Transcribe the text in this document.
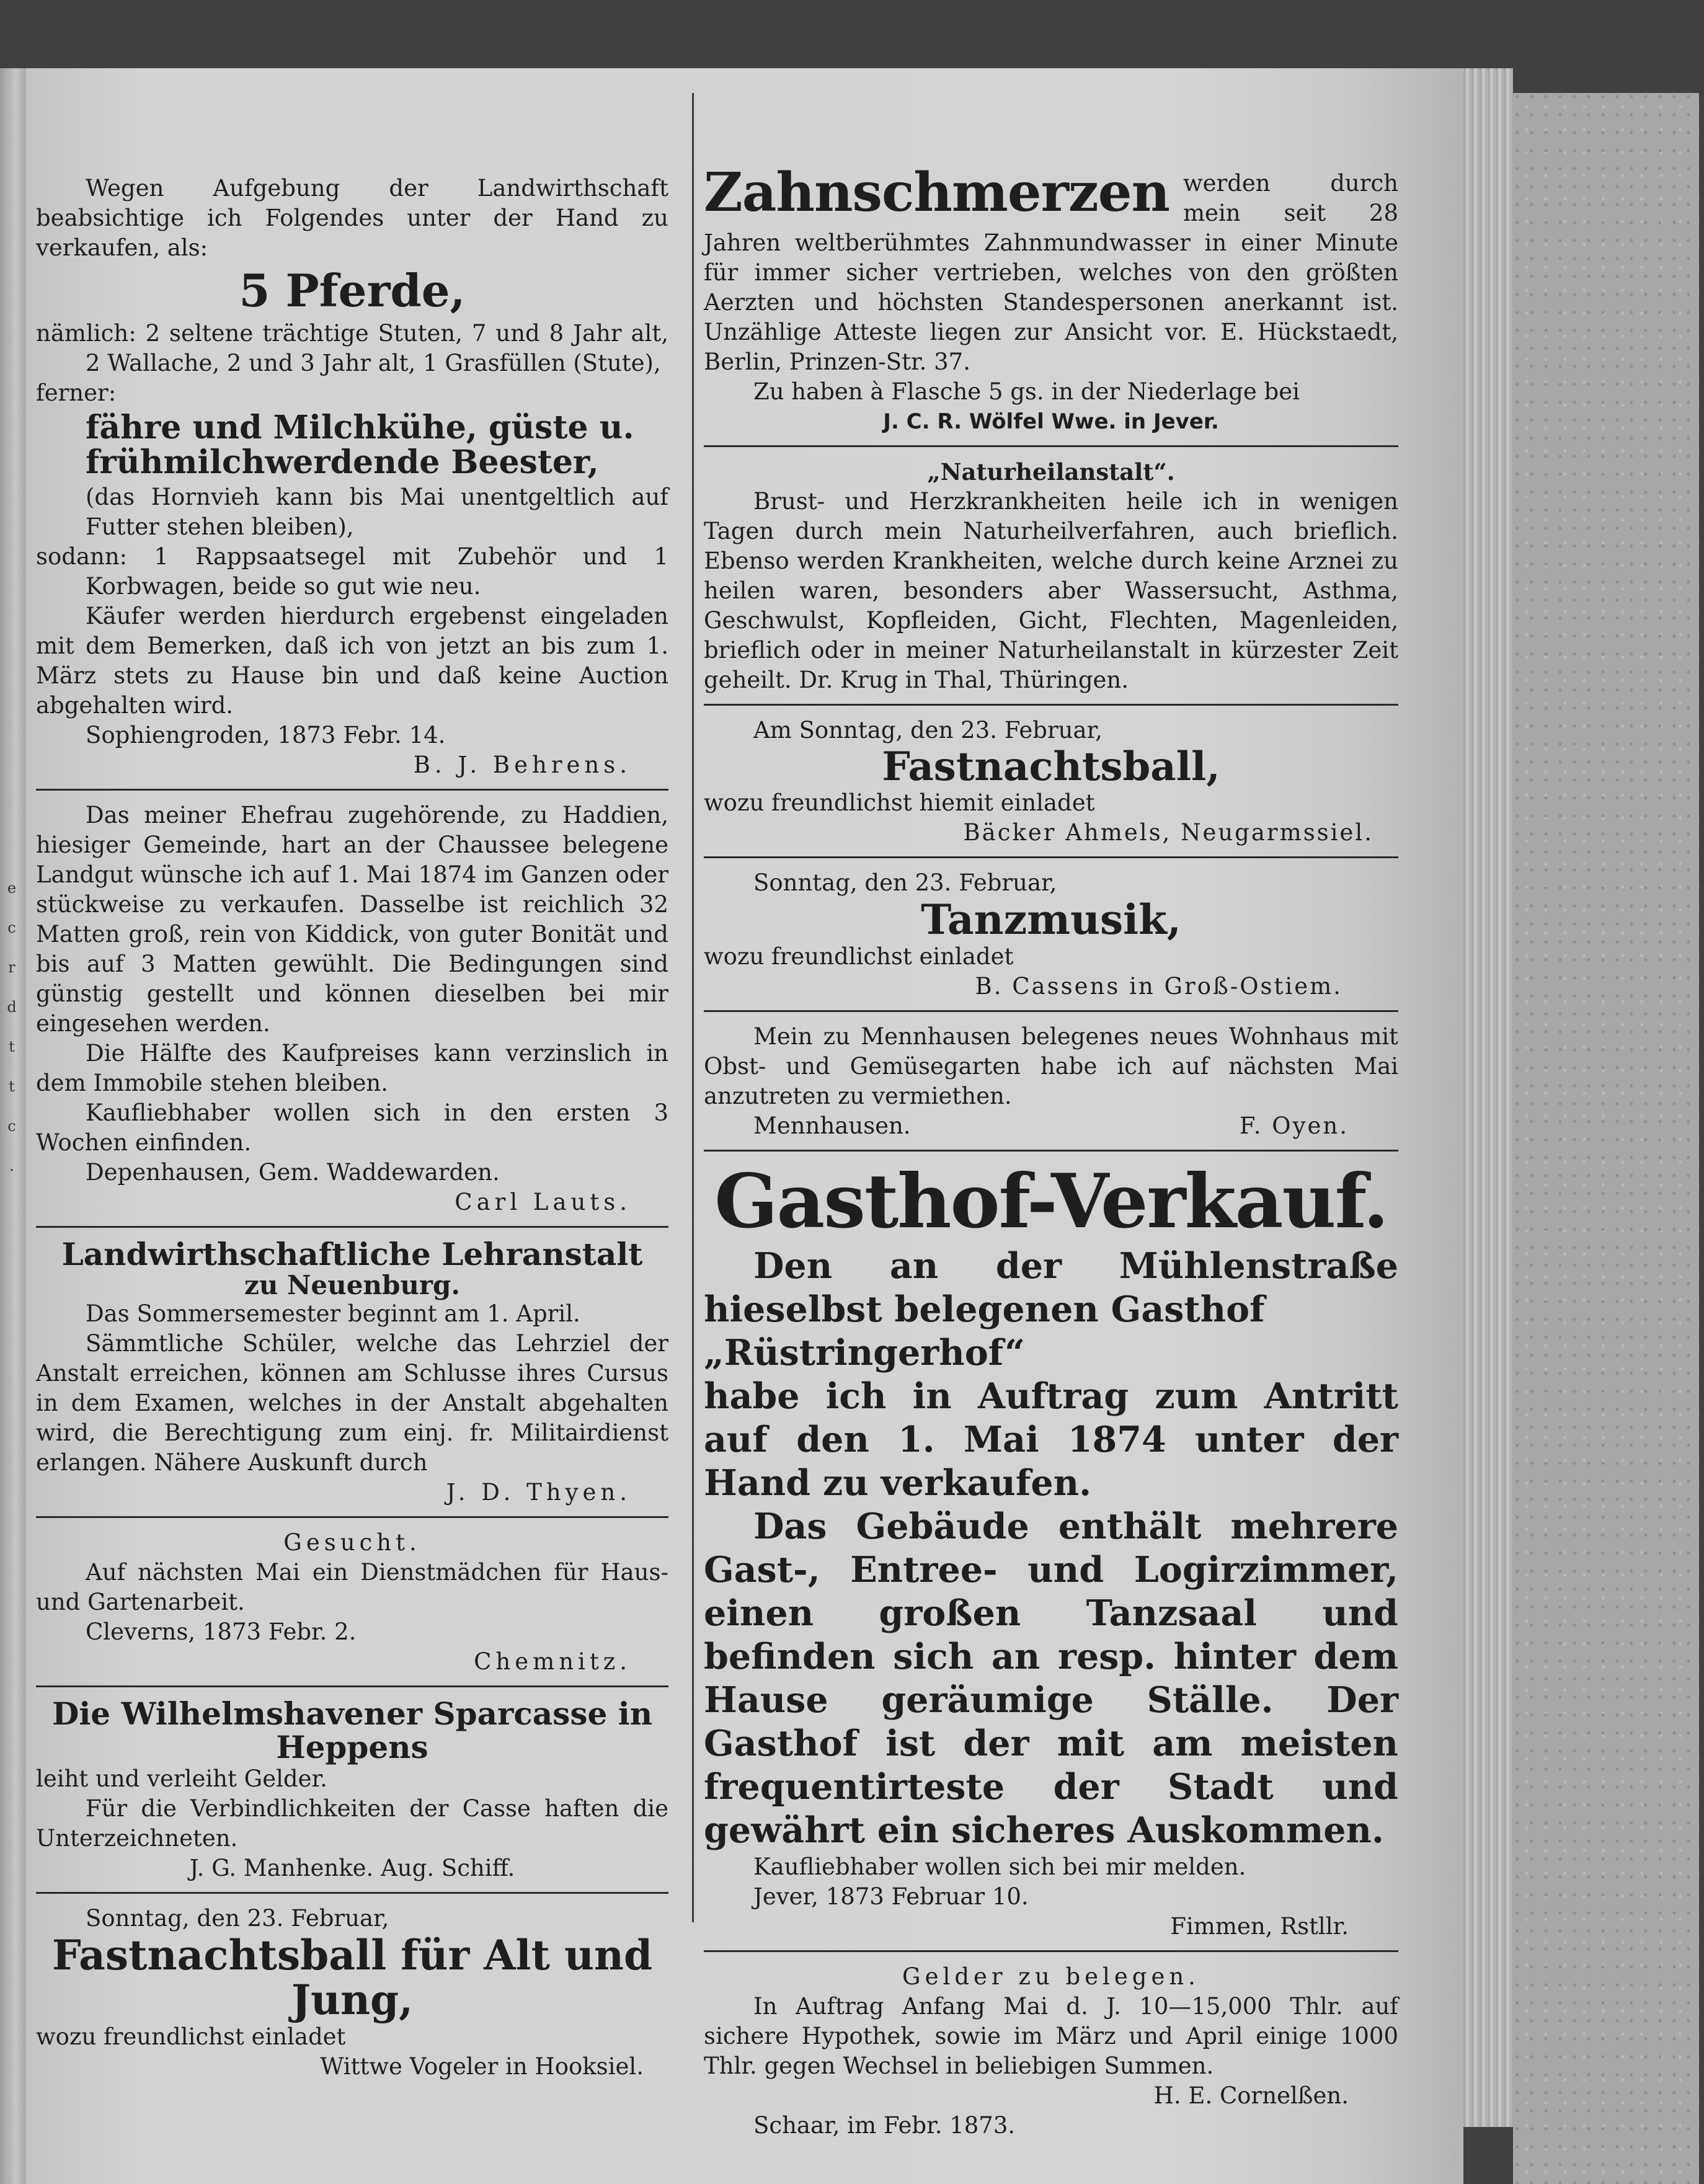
e
c
r
d
t
t
c
.

Wegen Aufgebung der Landwirthschaft beabsichtige ich Folgendes unter der Hand zu verkaufen, als:

5 Pferde,

nämlich: 2 seltene trächtige Stuten, 7 und 8 Jahr alt, 2 Wallache, 2 und 3 Jahr alt, 1 Grasfüllen (Stute),

ferner:

fähre und Milchkühe, güste u. frühmilchwerdende Beester,

(das Hornvieh kann bis Mai unentgeltlich auf Futter stehen bleiben),

sodann: 1 Rappsaatsegel mit Zubehör und 1 Korbwagen, beide so gut wie neu.

Käufer werden hierdurch ergebenst eingeladen mit dem Bemerken, daß ich von jetzt an bis zum 1. März stets zu Hause bin und daß keine Auction abgehalten wird.

Sophiengroden, 1873 Febr. 14.

B. J. Behrens.

Das meiner Ehefrau zugehörende, zu Haddien, hiesiger Gemeinde, hart an der Chaussee belegene Landgut wünsche ich auf 1. Mai 1874 im Ganzen oder stückweise zu verkaufen. Dasselbe ist reichlich 32 Matten groß, rein von Kiddick, von guter Bonität und bis auf 3 Matten gewühlt. Die Bedingungen sind günstig gestellt und können dieselben bei mir eingesehen werden.

Die Hälfte des Kaufpreises kann verzinslich in dem Immobile stehen bleiben.

Kaufliebhaber wollen sich in den ersten 3 Wochen einfinden.

Depenhausen, Gem. Waddewarden.

Carl Lauts.

Landwirthschaftliche Lehranstalt

zu Neuenburg.

Das Sommersemester beginnt am 1. April.

Sämmtliche Schüler, welche das Lehrziel der Anstalt erreichen, können am Schlusse ihres Cursus in dem Examen, welches in der Anstalt abgehalten wird, die Berechtigung zum einj. fr. Militairdienst erlangen. Nähere Auskunft durch

J. D. Thyen.

Gesucht.

Auf nächsten Mai ein Dienstmädchen für Haus- und Gartenarbeit.

Cleverns, 1873 Febr. 2.

Chemnitz.

Die Wilhelmshavener Sparcasse in Heppens

leiht und verleiht Gelder.

Für die Verbindlichkeiten der Casse haften die Unterzeichneten.

J. G. Manhenke. Aug. Schiff.

Sonntag, den 23. Februar,

Fastnachtsball für Alt und Jung,

wozu freundlichst einladet

Wittwe Vogeler in Hooksiel.

Zahnschmerzen werden durch mein seit 28 Jahren weltberühmtes Zahnmundwasser in einer Minute für immer sicher vertrieben, welches von den größten Aerzten und höchsten Standespersonen anerkannt ist. Unzählige Atteste liegen zur Ansicht vor. E. Hückstaedt, Berlin, Prinzen-Str. 37.

Zu haben à Flasche 5 gs. in der Niederlage bei

J. C. R. Wölfel Wwe. in Jever.

„Naturheilanstalt“.

Brust- und Herzkrankheiten heile ich in wenigen Tagen durch mein Naturheilverfahren, auch brieflich. Ebenso werden Krankheiten, welche durch keine Arznei zu heilen waren, besonders aber Wassersucht, Asthma, Geschwulst, Kopfleiden, Gicht, Flechten, Magenleiden, brieflich oder in meiner Naturheilanstalt in kürzester Zeit geheilt. Dr. Krug in Thal, Thüringen.

Am Sonntag, den 23. Februar,

Fastnachtsball,

wozu freundlichst hiemit einladet

Bäcker Ahmels, Neugarmssiel.

Sonntag, den 23. Februar,

Tanzmusik,

wozu freundlichst einladet

B. Cassens in Groß-Ostiem.

Mein zu Mennhausen belegenes neues Wohnhaus mit Obst- und Gemüsegarten habe ich auf nächsten Mai anzutreten zu vermiethen.

Mennhausen.	F. Oyen.

Gasthof-Verkauf.

Den an der Mühlenstraße hieselbst belegenen Gasthof

„Rüstringerhof“

habe ich in Auftrag zum Antritt auf den 1. Mai 1874 unter der Hand zu verkaufen.

Das Gebäude enthält mehrere Gast-, Entree- und Logirzimmer, einen großen Tanzsaal und befinden sich an resp. hinter dem Hause geräumige Ställe. Der Gasthof ist der mit am meisten frequentirteste der Stadt und gewährt ein sicheres Auskommen.

Kaufliebhaber wollen sich bei mir melden.

Jever, 1873 Februar 10.

Fimmen, Rstllr.

Gelder zu belegen.

In Auftrag Anfang Mai d. J. 10—15,000 Thlr. auf sichere Hypothek, sowie im März und April einige 1000 Thlr. gegen Wechsel in beliebigen Summen.

H. E. Cornelßen.

Schaar, im Febr. 1873.
